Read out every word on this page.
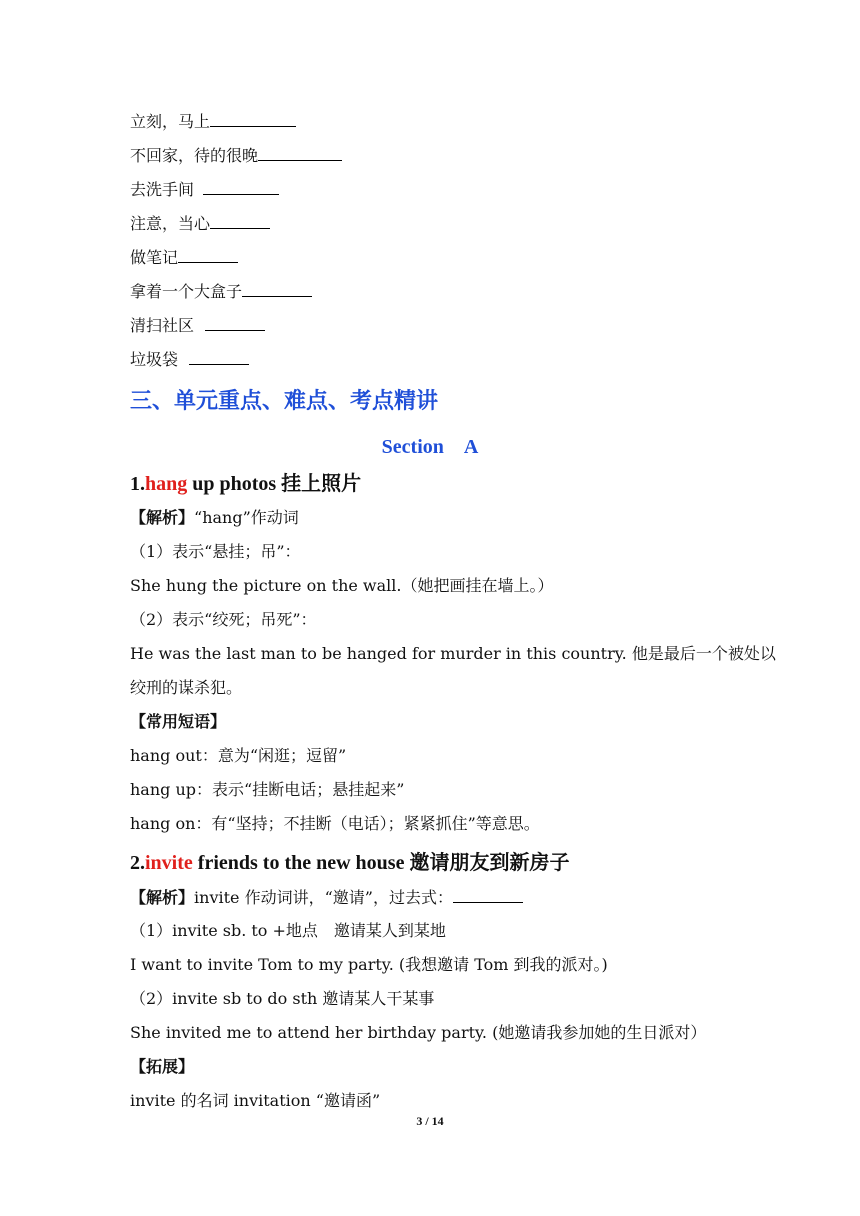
立刻，马上
不回家，待的很晚
去洗手间
注意，当心
做笔记
拿着一个大盒子
清扫社区
垃圾袋
三、单元重点、难点、考点精讲
Section　A
1.hang up photos 挂上照片
【解析】“hang”作动词
（1）表示“悬挂；吊”：
She hung the picture on the wall.（她把画挂在墙上。）
（2）表示“绞死；吊死”：
He was the last man to be hanged for murder in this country. 他是最后一个被处以
绞刑的谋杀犯。
【常用短语】
hang out：意为“闲逛；逗留”
hang up：表示“挂断电话；悬挂起来”
hang on：有“坚持；不挂断（电话）；紧紧抓住”等意思。
2.invite friends to the new house 邀请朋友到新房子
【解析】invite 作动词讲，“邀请”，过去式：
（1）invite sb. to +地点　邀请某人到某地
I want to invite Tom to my party. (我想邀请 Tom 到我的派对。)
（2）invite sb to do sth 邀请某人干某事
She invited me to attend her birthday party. (她邀请我参加她的生日派对）
【拓展】
invite 的名词 invitation “邀请函”
3 / 14
